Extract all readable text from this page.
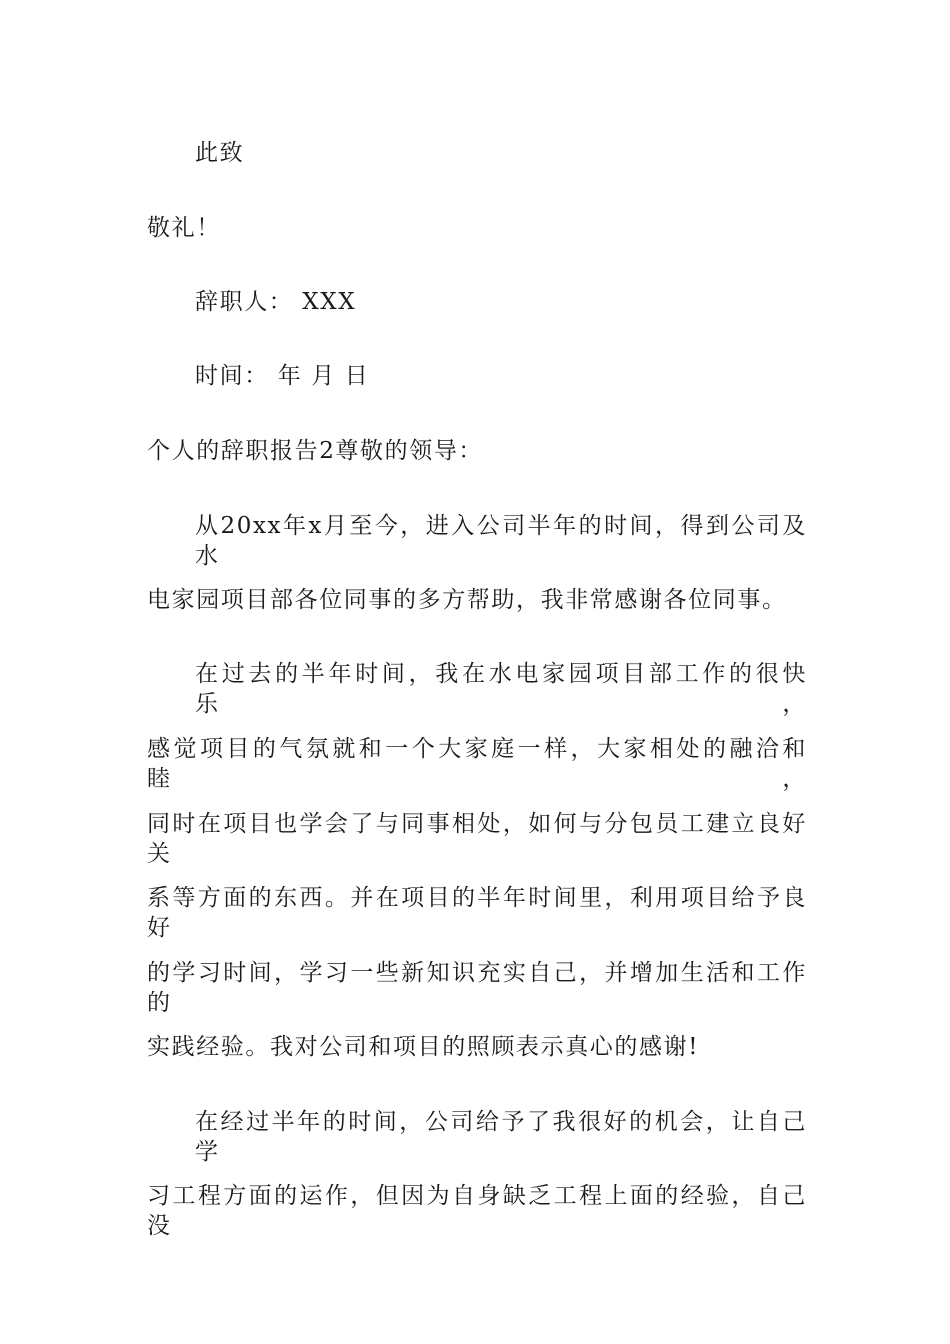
此致
敬礼！
辞职人： XXX
时间： 年 月 日
个人的辞职报告2尊敬的领导：
从20xx年x月至今，进入公司半年的时间，得到公司及水
电家园项目部各位同事的多方帮助，我非常感谢各位同事。
在过去的半年时间，我在水电家园项目部工作的很快乐，
感觉项目的气氛就和一个大家庭一样，大家相处的融洽和睦，
同时在项目也学会了与同事相处，如何与分包员工建立良好关
系等方面的东西。并在项目的半年时间里，利用项目给予良好
的学习时间，学习一些新知识充实自己，并增加生活和工作的
实践经验。我对公司和项目的照顾表示真心的感谢!
在经过半年的时间，公司给予了我很好的机会，让自己学
习工程方面的运作，但因为自身缺乏工程上面的经验，自己没
